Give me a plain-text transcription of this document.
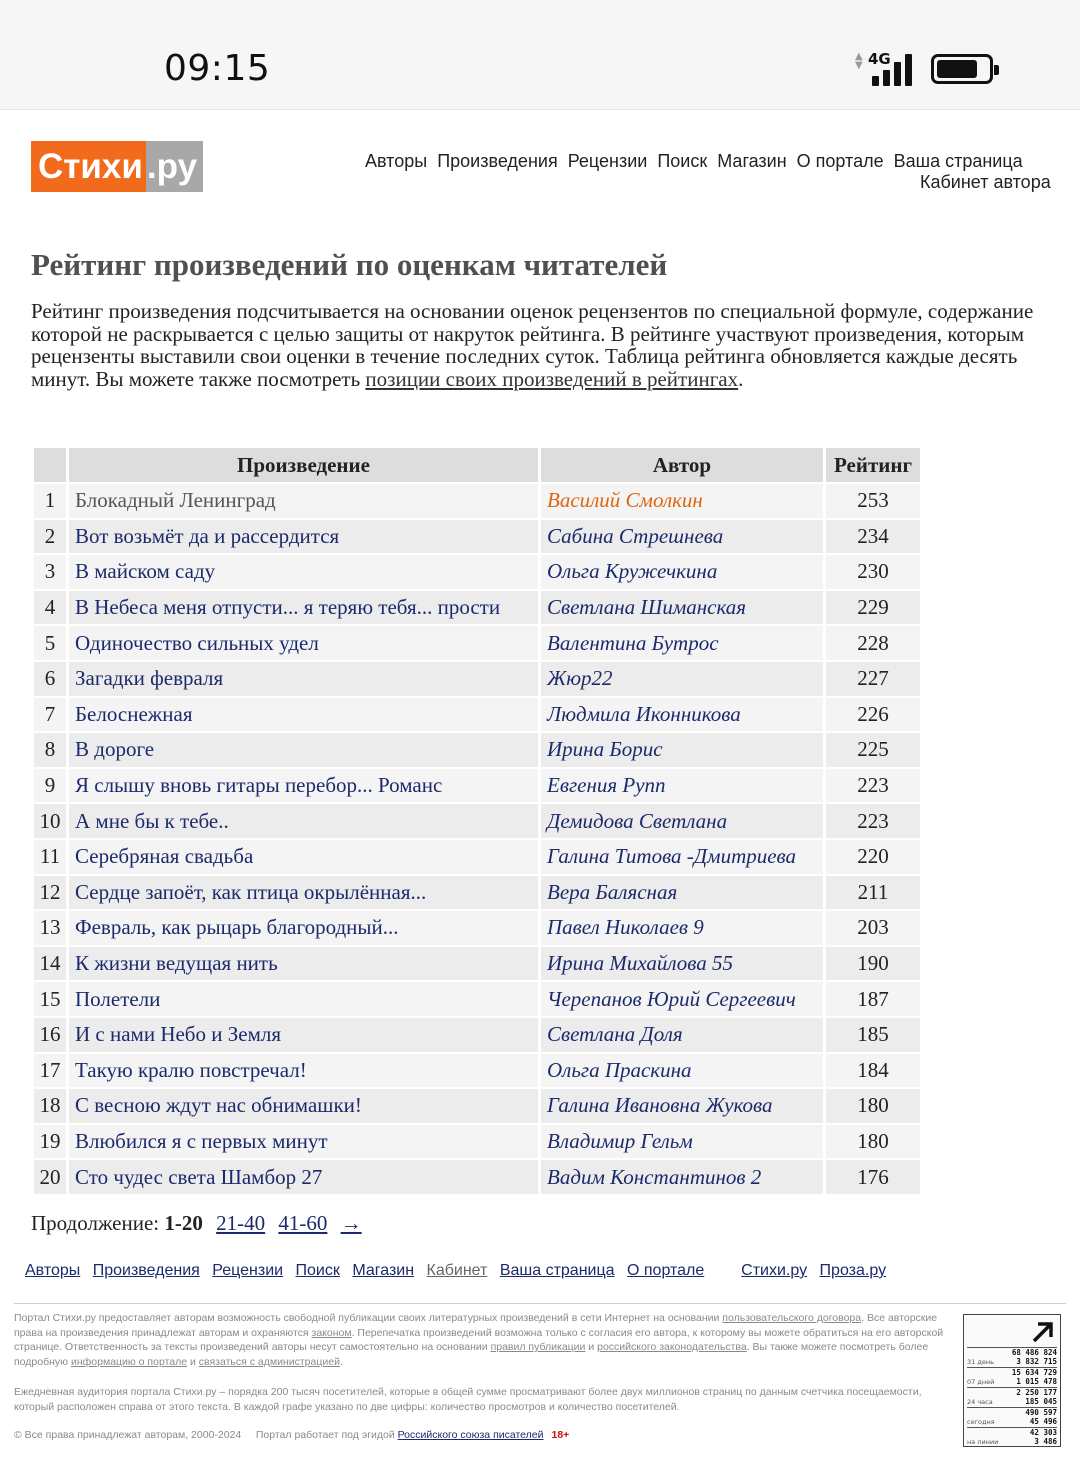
09:15	▲
▼ 4G
Стихи .ру	Авторы Произведения Рецензии Поиск Магазин О портале Ваша страница
Кабинет автора
Рейтинг произведений по оценкам читателей

Рейтинг произведения подсчитывается на основании оценок рецензентов по специальной формуле, содержание которой не раскрывается с целью защиты от накруток рейтинга. В рейтинге участвуют произведения, которым рецензенты выставили свои оценки в течение последних суток. Таблица рейтинга обновляется каждые десять минут. Вы можете также посмотреть позиции своих произведений в рейтингах.

	Произведение	Автор	Рейтинг
1	Блокадный Ленинград	Василий Смолкин	253
2	Вот возьмёт да и рассердится	Сабина Стрешнева	234
3	В майском саду	Ольга Кружечкина	230
4	В Небеса меня отпусти... я теряю тебя... прости	Светлана Шиманская	229
5	Одиночество сильных удел	Валентина Бутрос	228
6	Загадки февраля	Жюр22	227
7	Белоснежная	Людмила Иконникова	226
8	В дороге	Ирина Борис	225
9	Я слышу вновь гитары перебор... Романс	Евгения Рупп	223
10	А мне бы к тебе..	Демидова Светлана	223
11	Серебряная свадьба	Галина Титова -Дмитриева	220
12	Сердце запоёт, как птица окрылённая...	Вера Балясная	211
13	Февраль, как рыцарь благородный...	Павел Николаев 9	203
14	К жизни ведущая нить	Ирина Михайлова 55	190
15	Полетели	Черепанов Юрий Сергеевич	187
16	И с нами Небо и Земля	Светлана Доля	185
17	Такую кралю повстречал!	Ольга Праскина	184
18	С весною ждут нас обнимашки!	Галина Ивановна Жукова	180
19	Влюбился я с первых минут	Владимир Гельм	180
20	Сто чудес света Шамбор 27	Вадим Константинов 2	176
Продолжение: 1-20 21-40 41-60 →
Авторы Произведения Рецензии Поиск Магазин Кабинет Ваша страница О портале Стихи.ру Проза.ру

Портал Стихи.ру предоставляет авторам возможность свободной публикации своих литературных произведений в сети Интернет на основании пользовательского договора. Все авторские права на произведения принадлежат авторам и охраняются законом. Перепечатка произведений возможна только с согласия его автора, к которому вы можете обратиться на его авторской странице. Ответственность за тексты произведений авторы несут самостоятельно на основании правил публикации и российского законодательства. Вы также можете посмотреть более подробную информацию о портале и связаться с администрацией.

Ежедневная аудитория портала Стихи.ру – порядка 200 тысяч посетителей, которые в общей сумме просматривают более двух миллионов страниц по данным счетчика посещаемости, который расположен справа от этого текста. В каждой графе указано по две цифры: количество просмотров и количество посетителей.

© Все права принадлежат авторам, 2000-2024 Портал работает под эгидой Российского союза писателей 18+

31 день
68 486 824
3 832 715
07 дней
15 634 729
1 015 478
24 часа
2 250 177
185 045
сегодня
490 597
45 496
на линии
42 303
3 486
